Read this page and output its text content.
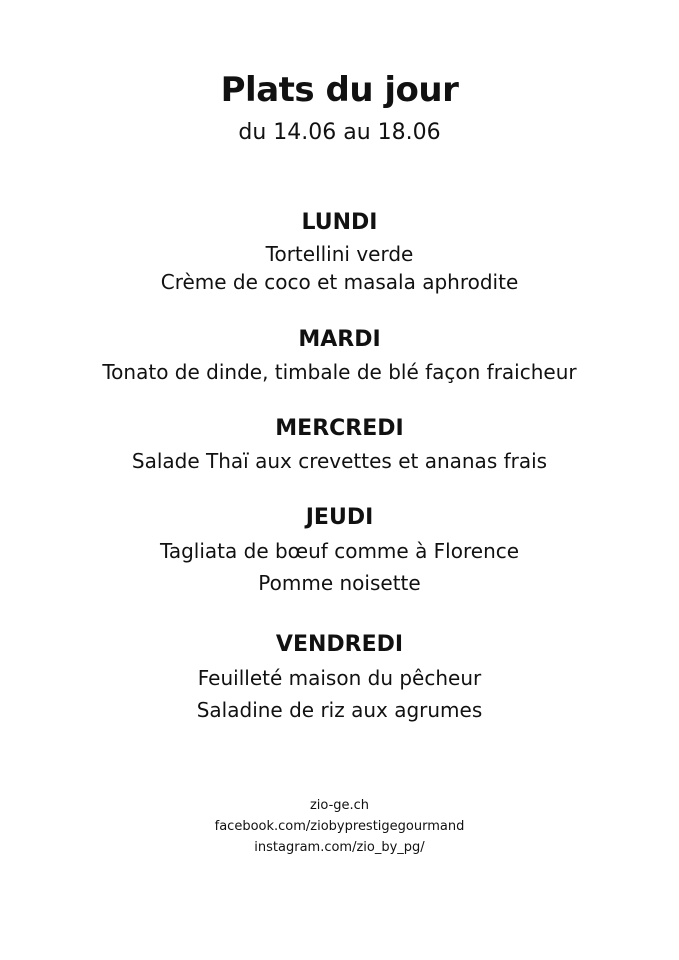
Plats du jour
du 14.06 au 18.06
LUNDI
Tortellini verde
Crème de coco et masala aphrodite
MARDI
Tonato de dinde, timbale de blé façon fraicheur
MERCREDI
Salade Thaï aux crevettes et ananas frais
JEUDI
Tagliata de bœuf comme à Florence
Pomme noisette
VENDREDI
Feuilleté maison du pêcheur
Saladine de riz aux agrumes
zio-ge.ch
facebook.com/ziobyprestigegourmand
instagram.com/zio_by_pg/
